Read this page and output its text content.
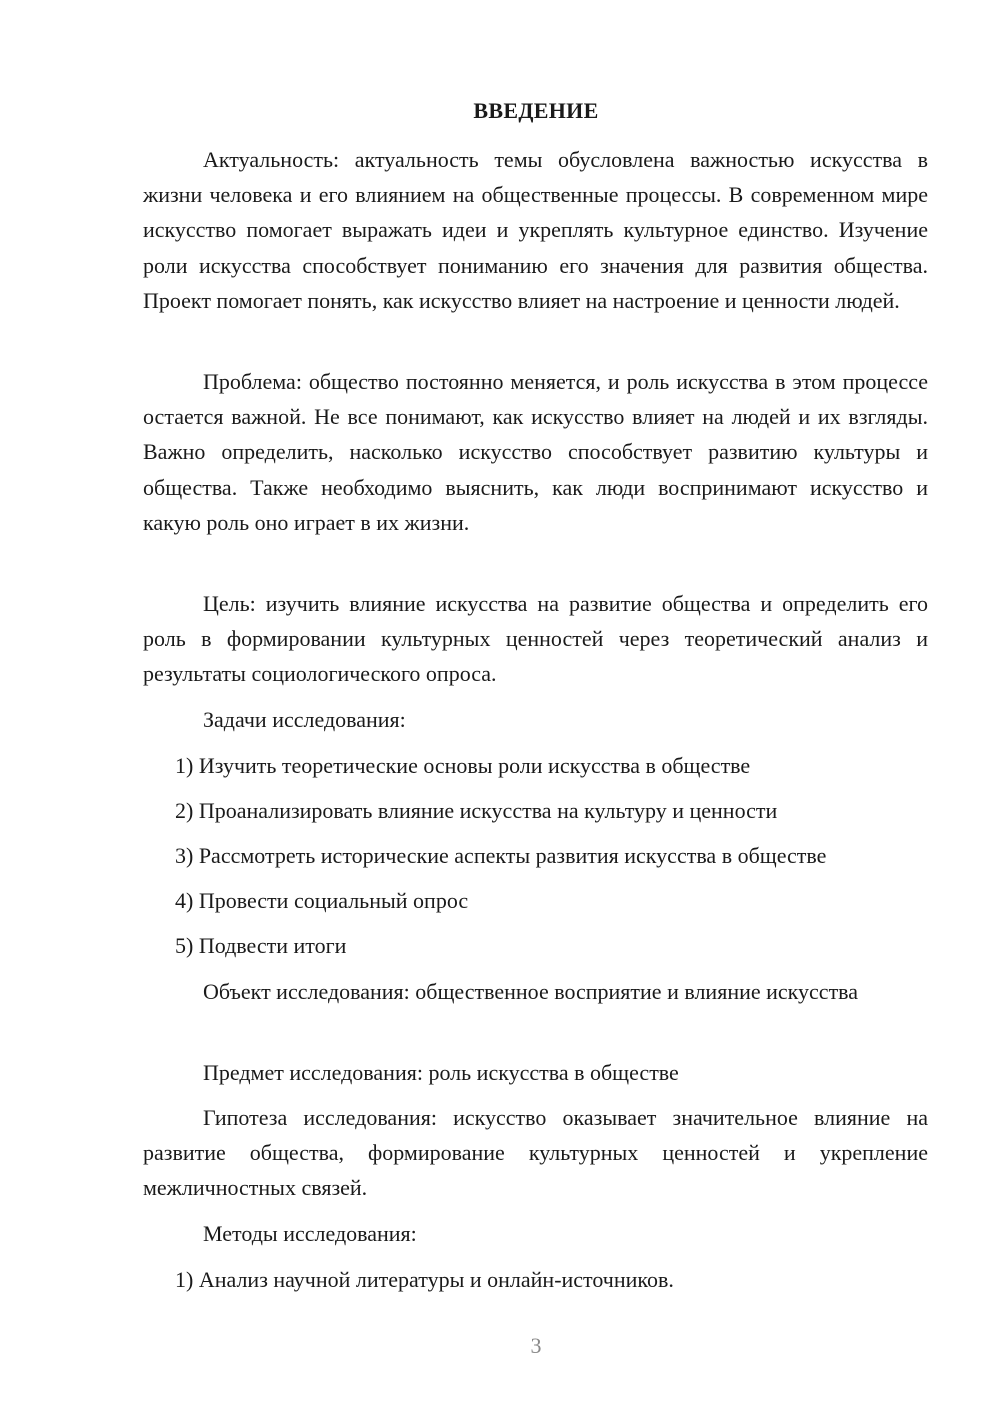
ВВЕДЕНИЕ

Актуальность: актуальность темы обусловлена важностью искусства в жизни человека и его влиянием на общественные процессы. В современном мире искусство помогает выражать идеи и укреплять культурное единство. Изучение роли искусства способствует пониманию его значения для развития общества. Проект помогает понять, как искусство влияет на настроение и ценности людей.

Проблема: общество постоянно меняется, и роль искусства в этом процессе остается важной. Не все понимают, как искусство влияет на людей и их взгляды. Важно определить, насколько искусство способствует развитию культуры и общества. Также необходимо выяснить, как люди воспринимают искусство и какую роль оно играет в их жизни.

Цель: изучить влияние искусства на развитие общества и определить его роль в формировании культурных ценностей через теоретический анализ и результаты социологического опроса.

Задачи исследования:

1) Изучить теоретические основы роли искусства в обществе

2) Проанализировать влияние искусства на культуру и ценности

3) Рассмотреть исторические аспекты развития искусства в обществе

4) Провести социальный опрос

5) Подвести итоги

Объект исследования: общественное восприятие и влияние искусства

Предмет исследования: роль искусства в обществе

Гипотеза исследования: искусство оказывает значительное влияние на развитие общества, формирование культурных ценностей и укрепление межличностных связей.

Методы исследования:

1) Анализ научной литературы и онлайн-источников.

3
